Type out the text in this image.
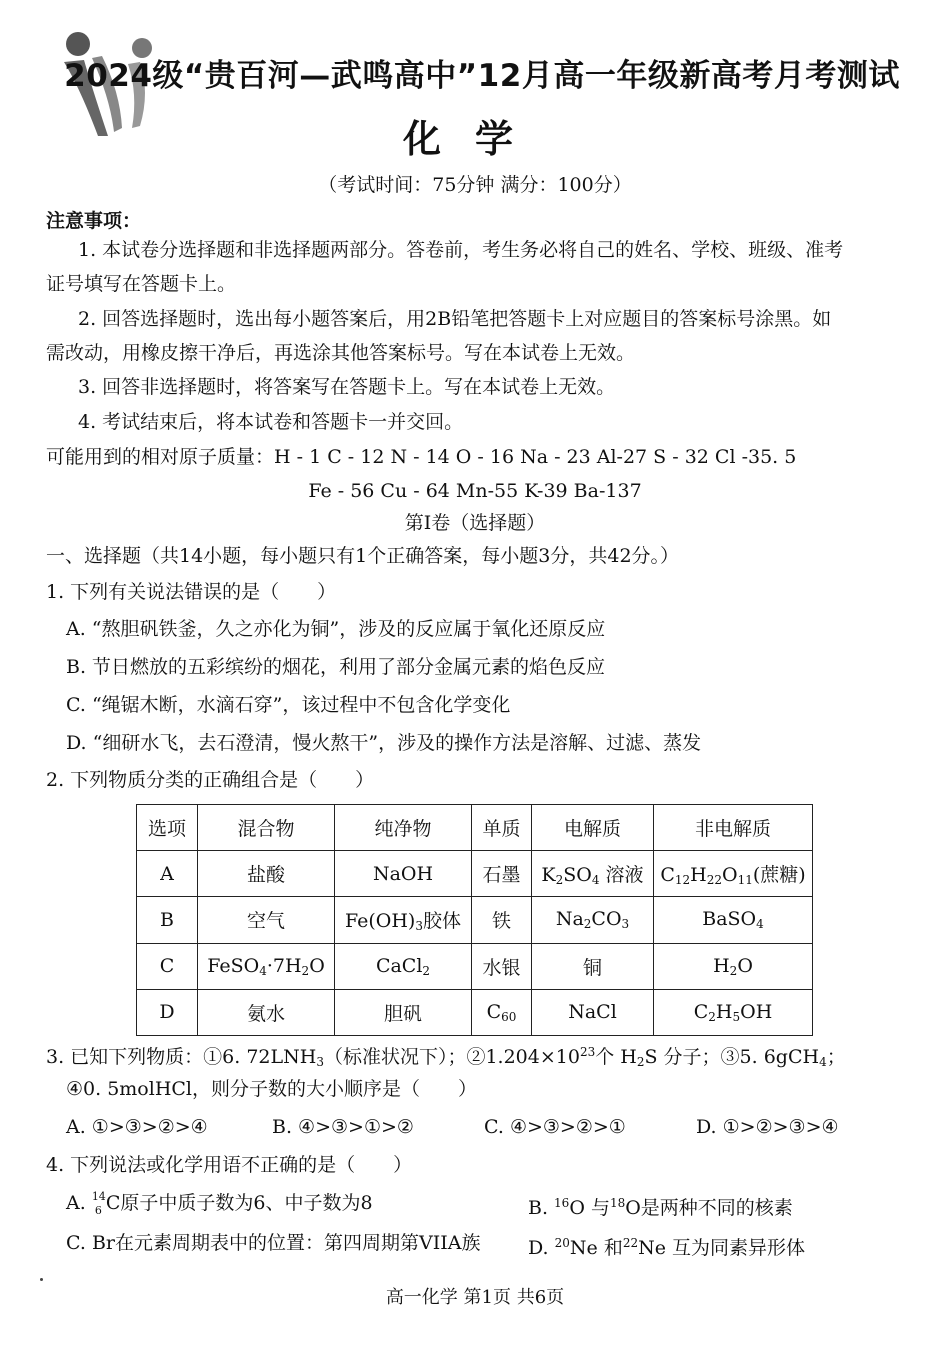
2024级“贵百河—武鸣高中”12月高一年级新高考月考测试
化学
（考试时间：75分钟 满分：100分）
注意事项：
1. 本试卷分选择题和非选择题两部分。答卷前，考生务必将自己的姓名、学校、班级、准考
证号填写在答题卡上。
2. 回答选择题时，选出每小题答案后，用2B铅笔把答题卡上对应题目的答案标号涂黑。如
需改动，用橡皮擦干净后，再选涂其他答案标号。写在本试卷上无效。
3. 回答非选择题时，将答案写在答题卡上。写在本试卷上无效。
4. 考试结束后，将本试卷和答题卡一并交回。
可能用到的相对原子质量：H - 1 C - 12 N - 14 O - 16 Na - 23 Al-27 S - 32 Cl -35. 5
Fe - 56 Cu - 64 Mn-55 K-39 Ba-137
第Ⅰ卷（选择题）
一、选择题（共14小题，每小题只有1个正确答案，每小题3分，共42分。）
1. 下列有关说法错误的是（　　）
A. “熬胆矾铁釜，久之亦化为铜”，涉及的反应属于氧化还原反应
B. 节日燃放的五彩缤纷的烟花，利用了部分金属元素的焰色反应
C. “绳锯木断，水滴石穿”，该过程中不包含化学变化
D. “细研水飞，去石澄清，慢火熬干”，涉及的操作方法是溶解、过滤、蒸发
2. 下列物质分类的正确组合是（　　）
选项	混合物	纯净物	单质	电解质	非电解质
A	盐酸	NaOH	石墨	$K_2SO_4$ 溶液	$C_{12}H_{22}O_{11}$(蔗糖)
B	空气	$Fe(OH)_3$胶体	铁	$Na_2CO_3$	BaSO$_4$
C	$FeSO_4\cdot 7H_2O$	CaCl$_2$	水银	铜	$H_2O$
D	氨水	胆矾	$C_{60}$	NaCl	$C_2H_5OH$
3. 已知下列物质：①6. $72LNH_3$（标准状况下）；$②1.204\times 10^{23}$个 $H_2S$ 分子；③5. 6gCH$_4$；
④0. 5molHCl，则分子数的大小顺序是（　　）
A. ①>③>②>④	B. ④>③>①>②	C. ④>③>②>①	D. ①>②>③>④
4. 下列说法或化学用语不正确的是（　　）
A. 14
6 C原子中质子数为6、中子数为8	B. $^{16}$O 与$^{18}$O是两种不同的核素
C. Br在元素周期表中的位置：第四周期第VIIA族	D. $^{20}$Ne 和$^{22}$Ne 互为同素异形体
高一化学 第1页 共6页
